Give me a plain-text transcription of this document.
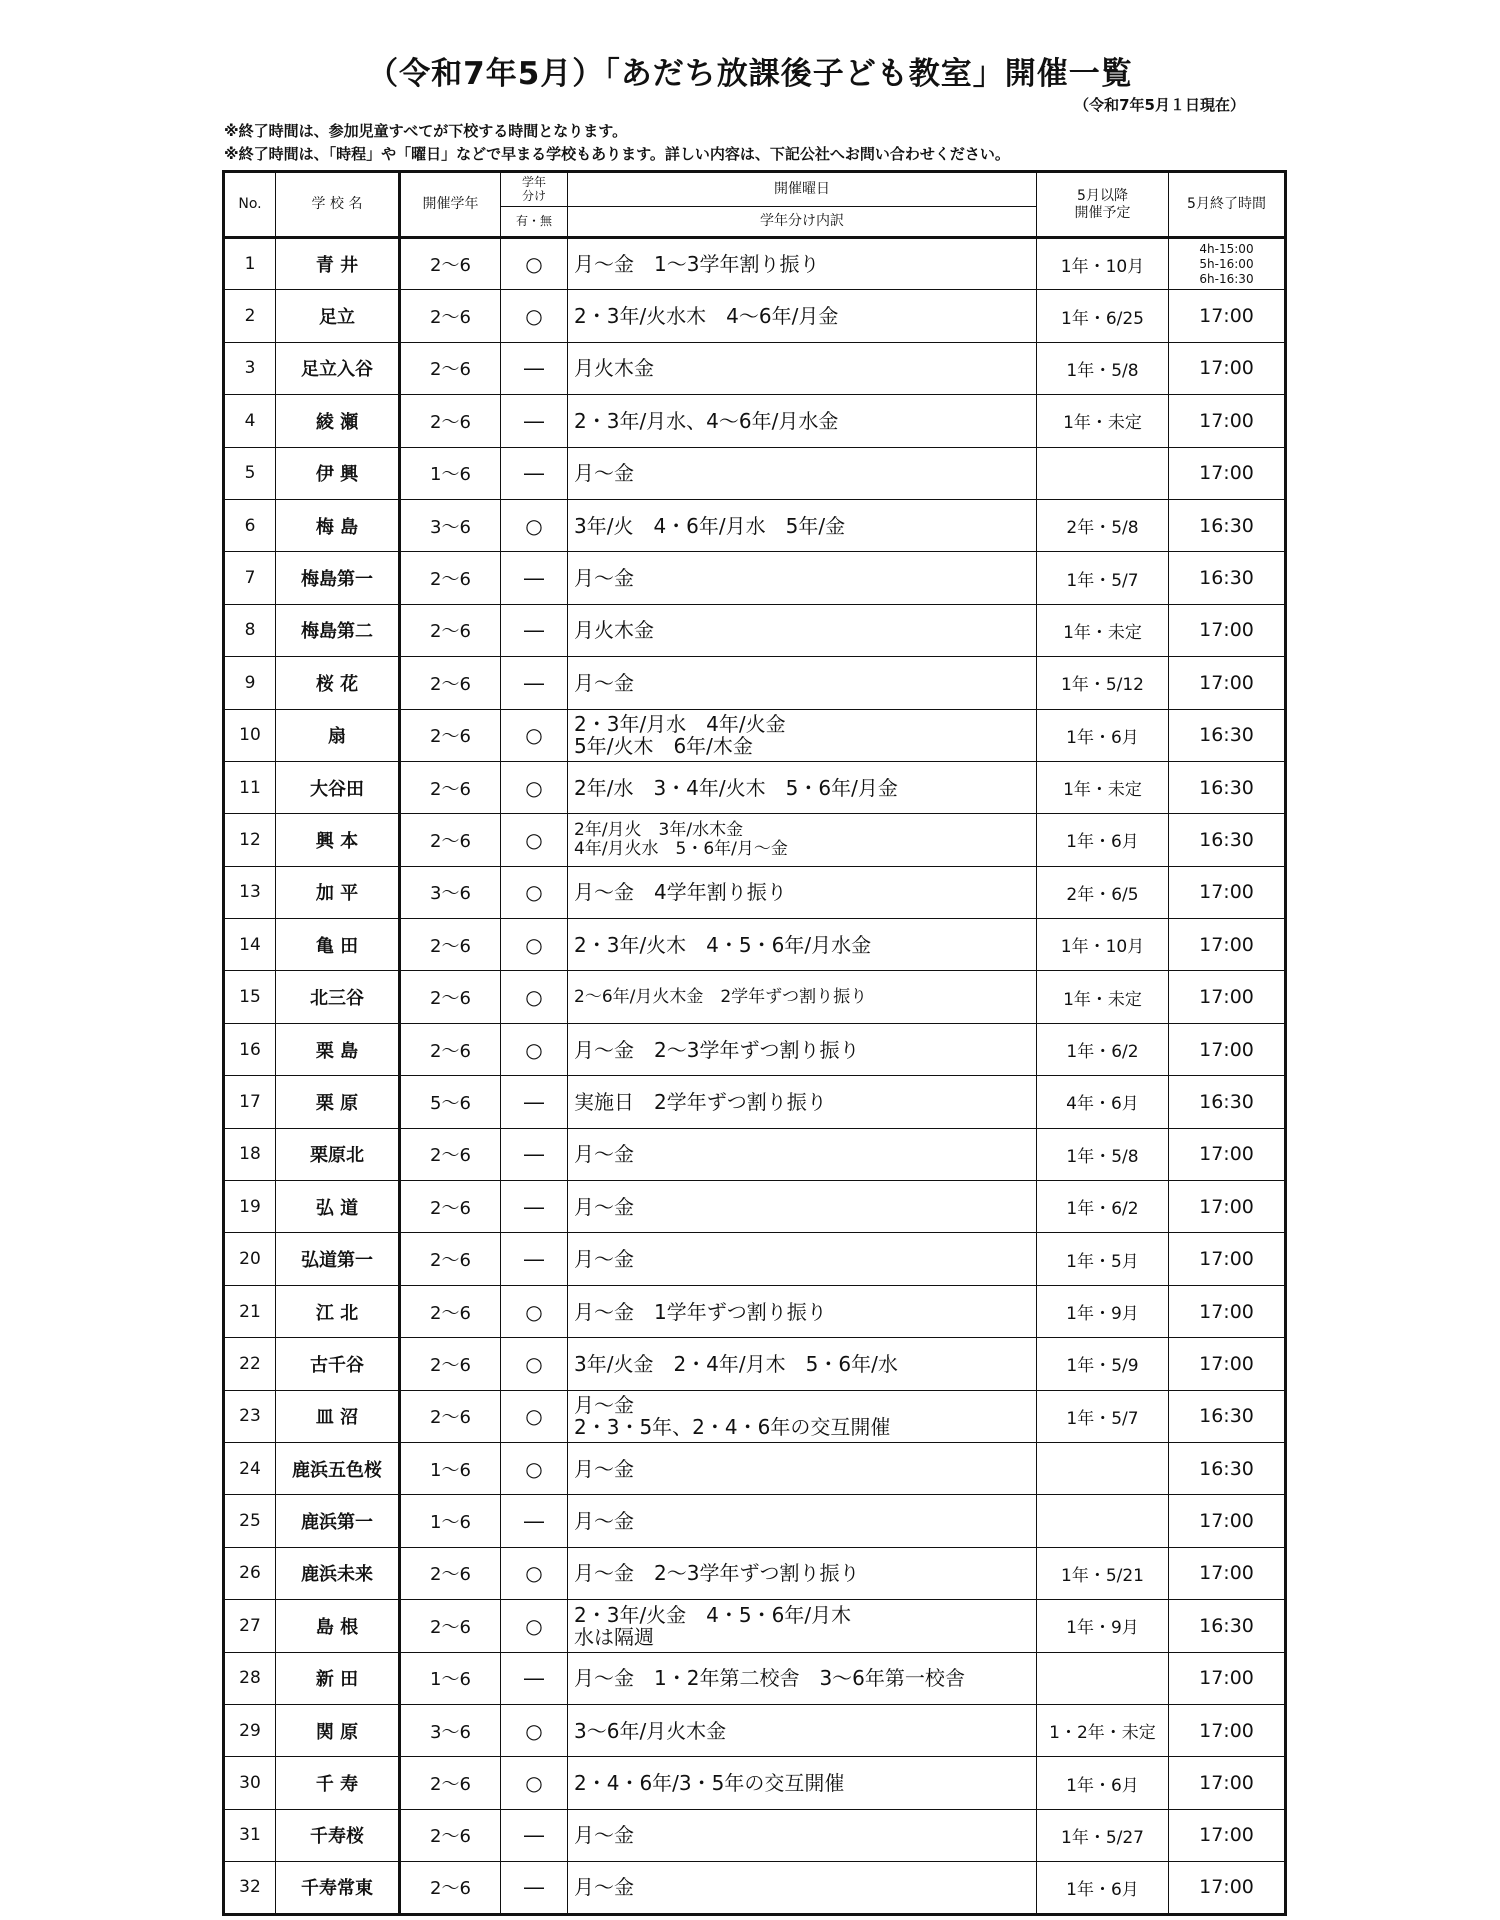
（令和7年5月）「あだち放課後子ども教室」開催一覧
（令和7年5月１日現在）
※終了時間は、参加児童すべてが下校する時間となります。
※終了時間は、「時程」や「曜日」などで早まる学校もあります。詳しい内容は、下記公社へお問い合わせください。
No.	学 校 名	開催学年	学年
分け	開催曜日	5月以降
開催予定	5月終了時間
			有・無	学年分け内訳		
1	青 井	2～6	○	月～金　1～3学年割り振り	1年・10月	4h-15:00
5h-16:00
6h-16:30

2	足立	2～6	○	2・3年/火水木　4～6年/月金	1年・6/25	17:00
3	足立入谷	2～6	―	月火木金	1年・5/8	17:00
4	綾 瀬	2～6	―	2・3年/月水、4～6年/月水金	1年・未定	17:00
5	伊 興	1～6	―	月～金		17:00
6	梅 島	3～6	○	3年/火　4・6年/月水　5年/金	2年・5/8	16:30
7	梅島第一	2～6	―	月～金	1年・5/7	16:30
8	梅島第二	2～6	―	月火木金	1年・未定	17:00
9	桜 花	2～6	―	月～金	1年・5/12	17:00
10	扇	2～6	○	2・3年/月水　4年/火金
5年/火木　6年/木金	1年・6月	16:30
11	大谷田	2～6	○	2年/水　3・4年/火木　5・6年/月金	1年・未定	16:30
12	興 本	2～6	○	2年/月火　3年/水木金
4年/月火水　5・6年/月～金	1年・6月	16:30
13	加 平	3～6	○	月～金　4学年割り振り	2年・6/5	17:00
14	亀 田	2～6	○	2・3年/火木　4・5・6年/月水金	1年・10月	17:00
15	北三谷	2～6	○	2～6年/月火木金　2学年ずつ割り振り	1年・未定	17:00
16	栗 島	2～6	○	月～金　2～3学年ずつ割り振り	1年・6/2	17:00
17	栗 原	5～6	―	実施日　2学年ずつ割り振り	4年・6月	16:30
18	栗原北	2～6	―	月～金	1年・5/8	17:00
19	弘 道	2～6	―	月～金	1年・6/2	17:00
20	弘道第一	2～6	―	月～金	1年・5月	17:00
21	江 北	2～6	○	月～金　1学年ずつ割り振り	1年・9月	17:00
22	古千谷	2～6	○	3年/火金　2・4年/月木　5・6年/水	1年・5/9	17:00
23	皿 沼	2～6	○	月～金
2・3・5年、2・4・6年の交互開催	1年・5/7	16:30
24	鹿浜五色桜	1～6	○	月～金		16:30
25	鹿浜第一	1～6	―	月～金		17:00
26	鹿浜未来	2～6	○	月～金　2～3学年ずつ割り振り	1年・5/21	17:00
27	島 根	2～6	○	2・3年/火金　4・5・6年/月木
水は隔週	1年・9月	16:30
28	新 田	1～6	―	月～金　1・2年第二校舎　3～6年第一校舎		17:00
29	関 原	3～6	○	3～6年/月火木金	1・2年・未定	17:00
30	千 寿	2～6	○	2・4・6年/3・5年の交互開催	1年・6月	17:00
31	千寿桜	2～6	―	月～金	1年・5/27	17:00
32	千寿常東	2～6	―	月～金	1年・6月	17:00
